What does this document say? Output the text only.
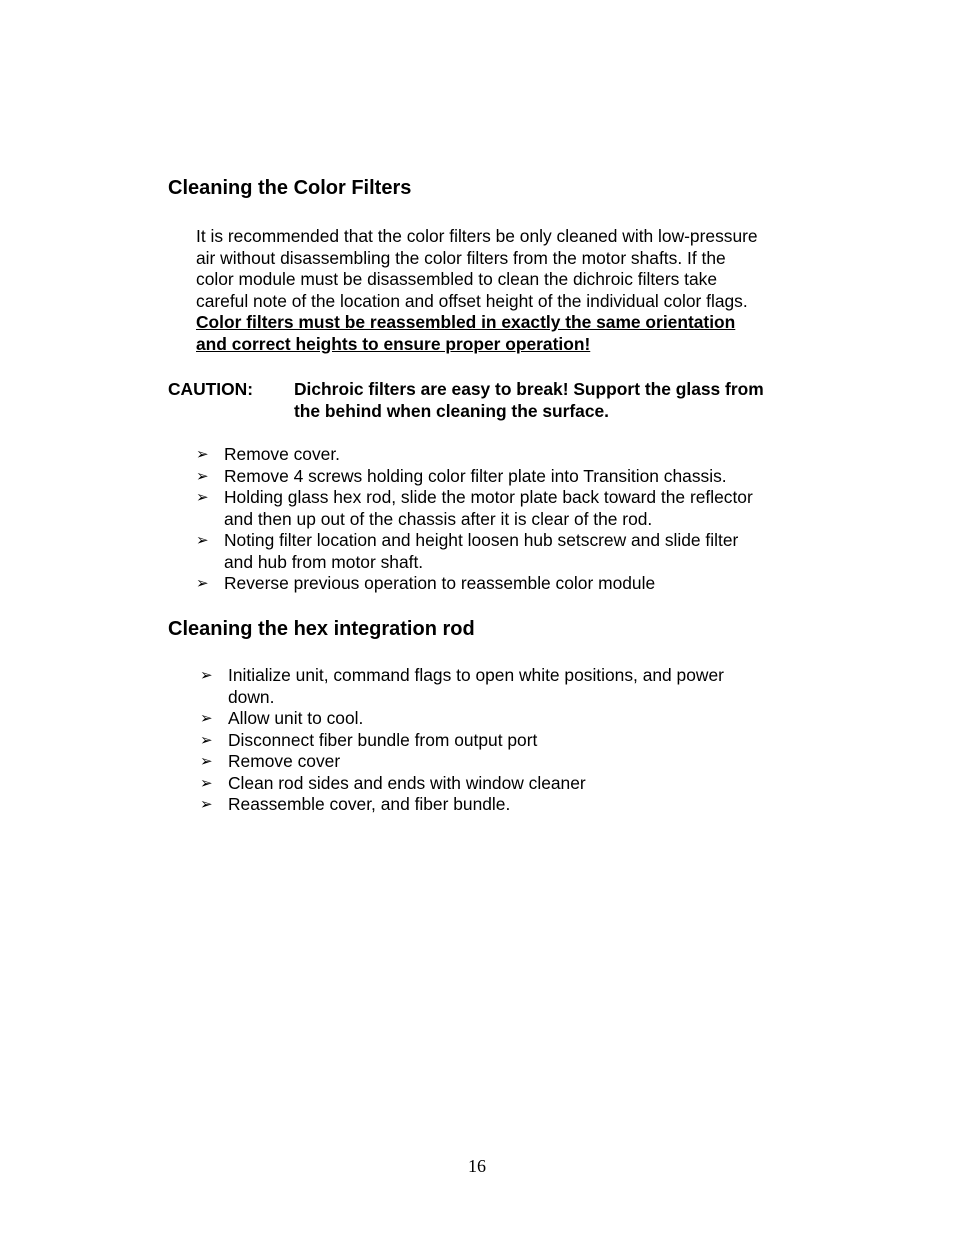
Cleaning the Color Filters
It is recommended that the color filters be only cleaned with low-pressure
air without disassembling the color filters from the motor shafts. If the
color module must be disassembled to clean the dichroic filters take
careful note of the location and offset height of the individual color flags.
Color filters must be reassembled in exactly the same orientation
and correct heights to ensure proper operation!
CAUTION: Dichroic filters are easy to break! Support the glass from
the behind when cleaning the surface.
➢ Remove cover.
➢ Remove 4 screws holding color filter plate into Transition chassis.
➢ Holding glass hex rod, slide the motor plate back toward the reflector
and then up out of the chassis after it is clear of the rod.
➢ Noting filter location and height loosen hub setscrew and slide filter
and hub from motor shaft.
➢ Reverse previous operation to reassemble color module
Cleaning the hex integration rod
➢ Initialize unit, command flags to open white positions, and power
down.
➢ Allow unit to cool.
➢ Disconnect fiber bundle from output port
➢ Remove cover
➢ Clean rod sides and ends with window cleaner
➢ Reassemble cover, and fiber bundle.
16
